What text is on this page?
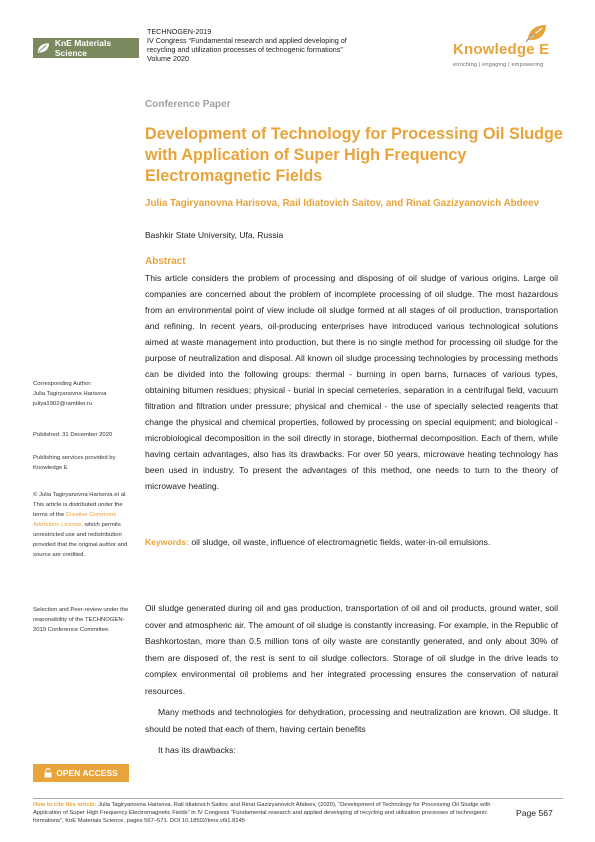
KnE Materials Science
TECHNOGEN-2019
IV Congress “Fundamental research and applied developing of
recycling and utilization processes of technogenic formations”
Volume 2020
Knowledge E
enriching | engaging | empowering
Conference Paper
Development of Technology for Processing Oil Sludge with Application of Super High Frequency Electromagnetic Fields
Julia Tagiryanovna Harisova, Rail Idiatovich Saitov, and Rinat Gazizyanovich Abdeev
Bashkir State University, Ufa, Russia
Abstract
This article considers the problem of processing and disposing of oil sludge of various origins. Large oil companies are concerned about the problem of incomplete processing of oil sludge. The most hazardous from an environmental point of view include oil sludge formed at all stages of oil production, transportation and refining. In recent years, oil-producing enterprises have introduced various technological solutions aimed at waste management into production, but there is no single method for processing oil sludge for the purpose of neutralization and disposal. All known oil sludge processing technologies by processing methods can be divided into the following groups: thermal - burning in open barns, furnaces of various types, obtaining bitumen residues; physical - burial in special cemeteries, separation in a centrifugal field, vacuum filtration and filtration under pressure; physical and chemical - the use of specially selected reagents that change the physical and chemical properties, followed by processing on special equipment; and biological - microbiological decomposition in the soil directly in storage, biothermal decomposition. Each of them, while having certain advantages, also has its drawbacks. For over 50 years, microwave heating technology has been used in industry. To present the advantages of this method, one needs to turn to the theory of microwave heating.
Keywords: oil sludge, oil waste, influence of electromagnetic fields, water-in-oil emulsions.

Oil sludge generated during oil and gas production, transportation of oil and oil products, ground water, soil cover and atmospheric air. The amount of oil sludge is constantly increasing. For example, in the Republic of Bashkortostan, more than 0.5 million tons of oily waste are constantly generated, and only about 30% of them are disposed of, the rest is sent to oil sludge collectors. Storage of oil sludge in the drive leads to complex environmental oil problems and her integrated processing ensures the conservation of natural resources.

Many methods and technologies for dehydration, processing and neutralization are known. Oil sludge. It should be noted that each of them, having certain benefits

It has its drawbacks:

Corresponding Author:
Julia Tagiryanovna Harisova
juliya1902@rambler.ru
Published: 31 December 2020
Publishing services provided by Knowledge E
© Julia Tagiryanovna Harisova et al. This article is distributed under the terms of the Creative Commons Attribution License, which permits unrestricted use and redistribution provided that the original author and source are credited.
Selection and Peer-review under the responsibility of the TECHNOGEN-2019 Conference Committee.
OPEN ACCESS
How to cite this article: Julia Tagiryanovna Harisova, Rail Idiatovich Saitov, and Rinat Gazizyanovich Abdeev, (2020), “Development of Technology for Processing Oil Sludge with Application of Super High Frequency Electromagnetic Fields” in IV Congress “Fundamental research and applied developing of recycling and utilization processes of technogenic formations”, KnE Materials Science, pages 567–571. DOI 10.18502/kms.v6i1.8145
Page 567
